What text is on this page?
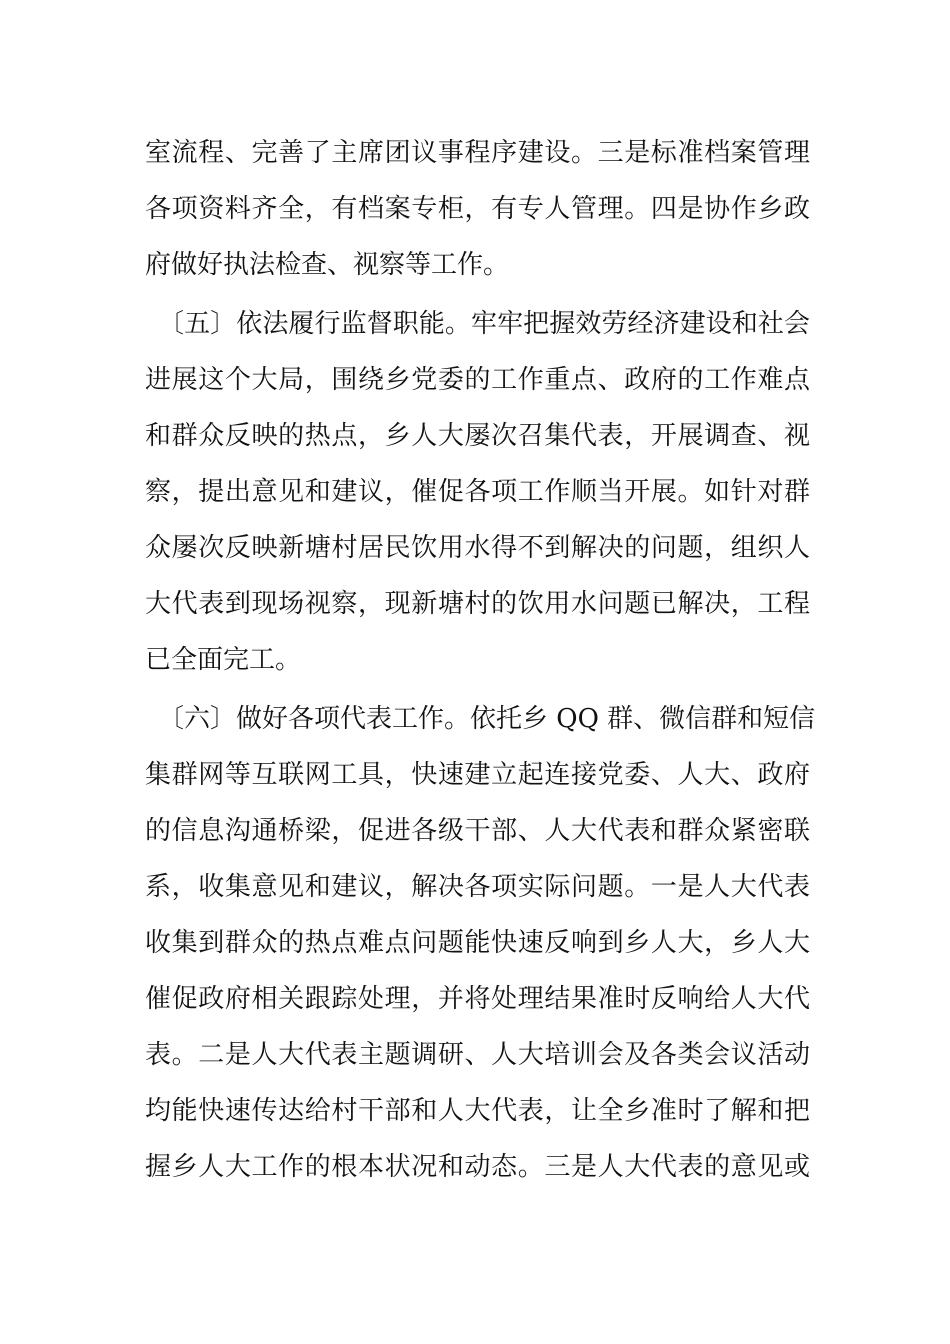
室流程、完善了主席团议事程序建设。三是标准档案管理
各项资料齐全，有档案专柜，有专人管理。四是协作乡政
府做好执法检查、视察等工作。
〔五〕依法履行监督职能。牢牢把握效劳经济建设和社会
进展这个大局，围绕乡党委的工作重点、政府的工作难点
和群众反映的热点，乡人大屡次召集代表，开展调查、视
察，提出意见和建议，催促各项工作顺当开展。如针对群
众屡次反映新塘村居民饮用水得不到解决的问题，组织人
大代表到现场视察，现新塘村的饮用水问题已解决，工程
已全面完工。
〔六〕做好各项代表工作。依托乡 QQ 群、微信群和短信
集群网等互联网工具，快速建立起连接党委、人大、政府
的信息沟通桥梁，促进各级干部、人大代表和群众紧密联
系，收集意见和建议，解决各项实际问题。一是人大代表
收集到群众的热点难点问题能快速反响到乡人大，乡人大
催促政府相关跟踪处理，并将处理结果准时反响给人大代
表。二是人大代表主题调研、人大培训会及各类会议活动
均能快速传达给村干部和人大代表，让全乡准时了解和把
握乡人大工作的根本状况和动态。三是人大代表的意见或
